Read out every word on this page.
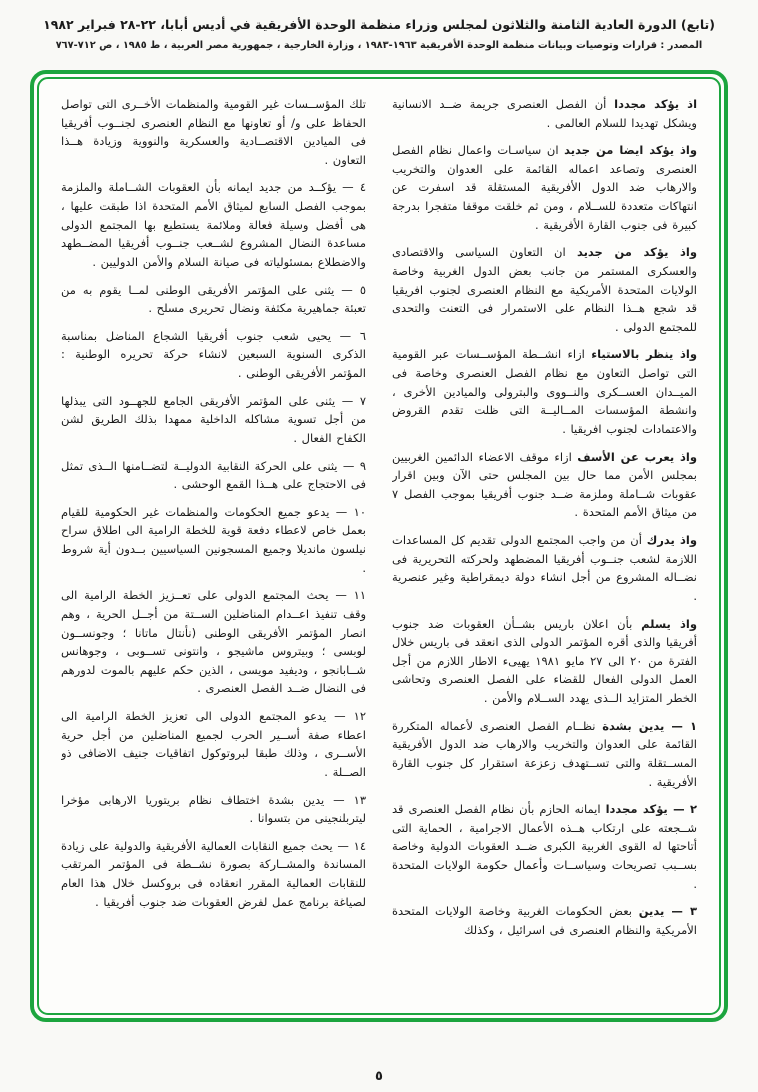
(تابع) الدورة العادية الثامنة والثلاثون لمجلس وزراء منظمة الوحدة الأفريقية في أديس أبابا، ٢٢-٢٨ فبراير ١٩٨٢
المصدر : قرارات وتوصيات وبيانات منظمة الوحدة الأفريقية ١٩٦٣-١٩٨٣ ، وزارة الخارجية ، جمهورية مصر العربية ، ط ١٩٨٥ ، ص ٧١٢-٧٦٧

اذ يؤكد مجددا أن الفصل العنصرى جريمة ضــد الانسانية ويشكل تهديدا للسلام العالمى .

واذ يؤكد ايضا من جديد ان سياسـات واعمال نظام الفصل العنصرى وتصاعد اعماله القائمة على العدوان والتخريب والارهاب ضد الدول الأفريقية المستقلة قد اسفرت عن انتهاكات متعددة للســلام ، ومن ثم خلقت موقفا متفجرا بدرجة كبيرة فى جنوب القارة الأفريقية .

واذ يؤكد من جديد ان التعاون السياسى والاقتصادى والعسكرى المستمر من جانب بعض الدول الغربية وخاصة الولايات المتحدة الأمريكية مع النظام العنصرى لجنوب افريقيا قد شجع هــذا النظام على الاستمرار فى التعنت والتحدى للمجتمع الدولى .

واذ ينظر بالاستياء ازاء انشــطة المؤســسات عبر القومية التى تواصل التعاون مع نظام الفصل العنصرى وخاصة فى الميــدان العســكرى والنــووى والبترولى والميادين الأخرى ، وانشطة المؤسسات المــاليــة التى ظلت تقدم القروض والاعتمادات لجنوب افريقيا .

واذ يعرب عن الأسف ازاء موقف الاعضاء الدائمين الغربيين بمجلس الأمن مما حال بين المجلس حتى الآن وبين اقرار عقوبات شــاملة وملزمة ضــد جنوب أفريقيا بموجب الفصل ٧ من ميثاق الأمم المتحدة .

واذ يدرك أن من واجب المجتمع الدولى تقديم كل المساعدات اللازمة لشعب جنــوب أفريقيا المضطهد ولحركته التحريرية فى نضــاله المشروع من أجل انشاء دولة ديمقراطية وغير عنصرية .

واذ يسلم بأن اعلان باريس بشــأن العقوبات ضد جنوب أفريقيا والذى أقره المؤتمر الدولى الذى انعقد فى باريس خلال الفترة من ٢٠ الى ٢٧ مايو ١٩٨١ يهيىء الاطار اللازم من أجل العمل الدولى الفعال للقضاء على الفصل العنصرى وتحاشى الخطر المتزايد الــذى يهدد الســلام والأمن .

١ — يدين بشدة نظــام الفصل العنصرى لأعماله المتكررة القائمة على العدوان والتخريب والارهاب ضد الدول الأفريقية المســتقلة والتى تســتهدف زعزعة استقرار كل جنوب القارة الأفريقية .

٢ — يؤكد مجددا ايمانه الحازم بأن نظام الفصل العنصرى قد شــجعته على ارتكاب هــذه الأعمال الاجرامية ، الحماية التى أتاحتها له القوى الغربية الكبرى ضــد العقوبات الدولية وخاصة بســبب تصريحات وسياســات وأعمال حكومة الولايات المتحدة .

٣ — يدين بعض الحكومات الغربية وخاصة الولايات المتحدة الأمريكية والنظام العنصرى فى اسرائيل ، وكذلك

تلك المؤســسات غير القومية والمنظمات الأخــرى التى تواصل الحفاظ على و/ أو تعاونها مع النظام العنصرى لجنــوب أفريقيا فى الميادين الاقتصــادية والعسكرية والنووية وزيادة هــذا التعاون .

٤ — يؤكــد من جديد ايمانه بأن العقوبات الشــاملة والملزمة بموجب الفصل السابع لميثاق الأمم المتحدة اذا طبقت عليها ، هى أفضل وسيلة فعالة وملائمة يستطيع بها المجتمع الدولى مساعدة النضال المشروع لشــعب جنــوب أفريقيا المضــطهد والاضطلاع بمسئولياته فى صيانة السلام والأمن الدوليين .

٥ — يثنى على المؤتمر الأفريقى الوطنى لمــا يقوم به من تعبئة جماهيرية مكثفة ونضال تحريرى مسلح .

٦ — يحيى شعب جنوب أفريقيا الشجاع المناضل بمناسبة الذكرى السنوية السبعين لانشاء حركة تحريره الوطنية : المؤتمر الأفريقى الوطنى .

٧ — يثنى على المؤتمر الأفريقى الجامع للجهــود التى يبذلها من أجل تسوية مشاكله الداخلية ممهدا بذلك الطريق لشن الكفاح الفعال .

٩ — يثنى على الحركة النقابية الدوليــة لتضــامنها الــذى تمثل فى الاحتجاج على هــذا القمع الوحشى .

١٠ — يدعو جميع الحكومات والمنظمات غير الحكومية للقيام بعمل خاص لاعطاء دفعة قوية للخطة الرامية الى اطلاق سراح نيلسون مانديلا وجميع المسجونين السياسيين بــدون أية شروط .

١١ — يحث المجتمع الدولى على تعــزيز الخطة الرامية الى وقف تنفيذ اعــدام المناضلين الســتة من أجــل الحرية ، وهم انصار المؤتمر الأفريقى الوطنى (نأنتال ماتانا ؛ وجونســون لوبسى ؛ وبيتروس ماشيجو ، وانتونى تســوبى ، وجوهانس شــابانجو ، وديفيد مويسى ، الذين حكم عليهم بالموت لدورهم فى النضال ضــد الفصل العنصرى .

١٢ — يدعو المجتمع الدولى الى تعزيز الخطة الرامية الى اعطاء صفة أســير الحرب لجميع المناضلين من أجل حرية الأســرى ، وذلك طبقا لبروتوكول اتفاقيات جنيف الاضافى ذو الصــلة .

١٣ — يدين بشدة اختطاف نظام بريتوريا الارهابى مؤخرا ليتربلنجينى من بتسوانا .

١٤ — يحث جميع النقابات العمالية الأفريقية والدولية على زيادة المساندة والمشــاركة بصورة نشــطة فى المؤتمر المرتقب للنقابات العمالية المقرر انعقاده فى بروكسل خلال هذا العام لصياغة برنامج عمل لفرض العقوبات ضد جنوب أفريقيا .

٥
